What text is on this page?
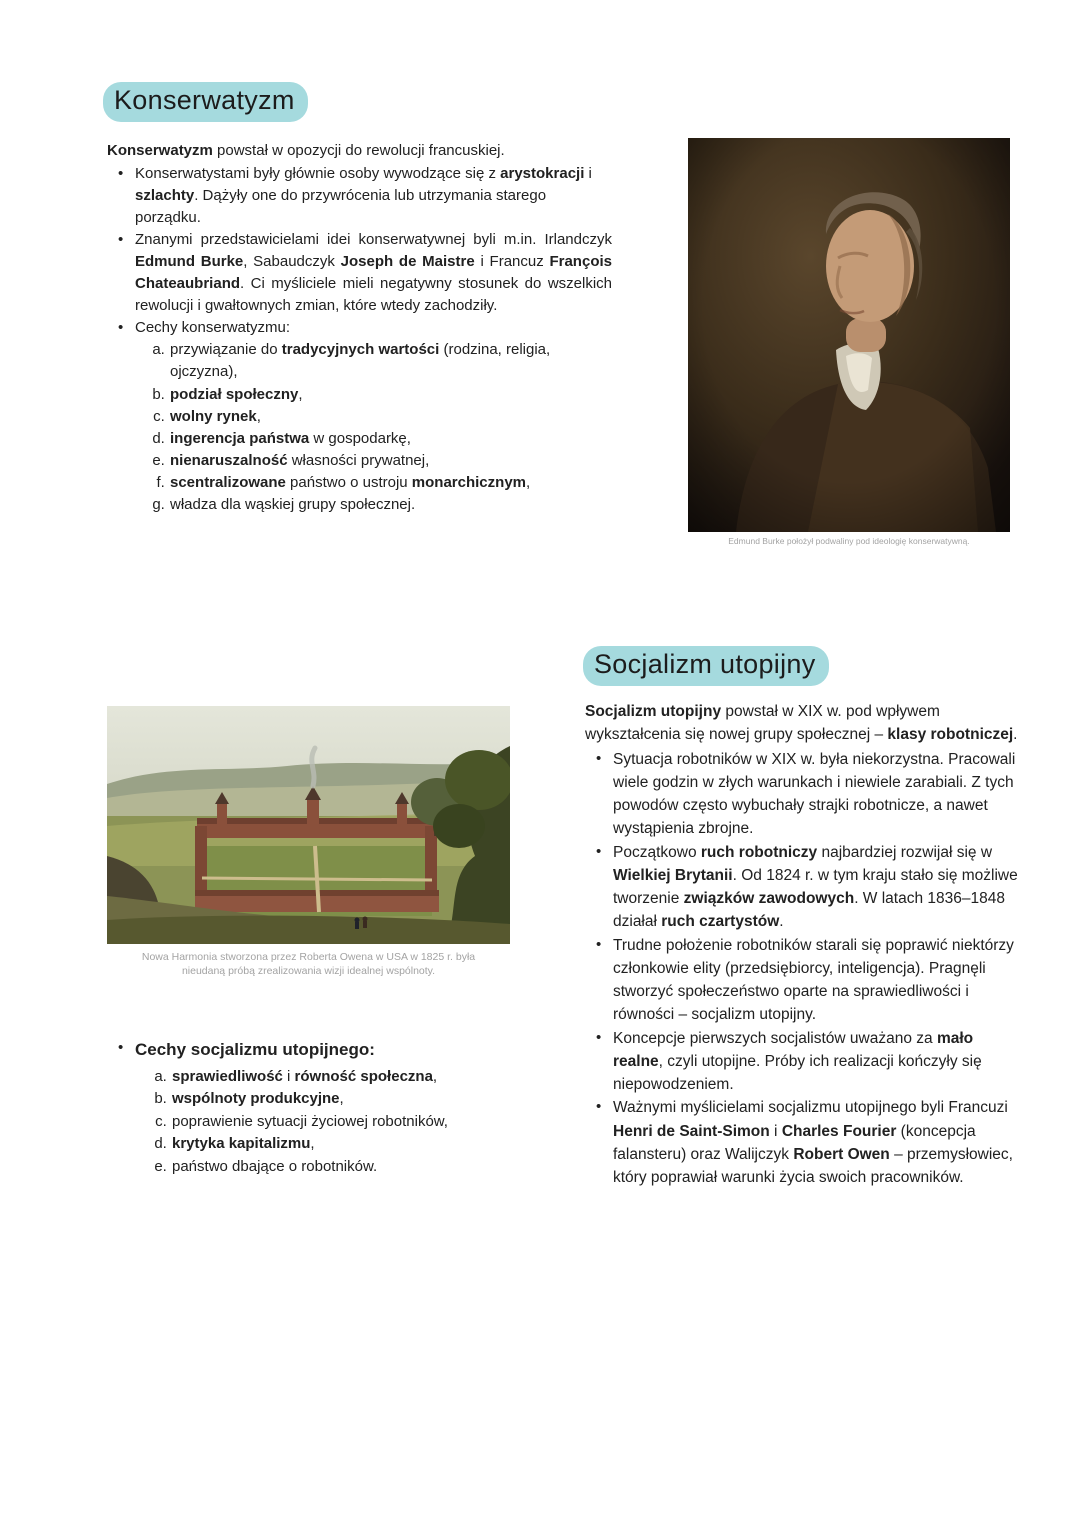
Konserwatyzm

Konserwatyzm powstał w opozycji do rewolucji francuskiej.

• Konserwatystami były głównie osoby wywodzące się z arystokracji i szlachty. Dążyły one do przywrócenia lub utrzymania starego porządku.
• Znanymi przedstawicielami idei konserwatywnej byli m.in. Irlandczyk Edmund Burke, Sabaudczyk Joseph de Maistre i Francuz François Chateaubriand. Ci myśliciele mieli negatywny stosunek do wszelkich rewolucji i gwałtownych zmian, które wtedy zachodziły.
• Cechy konserwatyzmu:
a. przywiązanie do tradycyjnych wartości (rodzina, religia, ojczyzna),
b. podział społeczny,
c. wolny rynek,
d. ingerencja państwa w gospodarkę,
e. nienaruszalność własności prywatnej,
f. scentralizowane państwo o ustroju monarchicznym,
g. władza dla wąskiej grupy społecznej.
Edmund Burke położył podwaliny pod ideologię konserwatywną.
Socjalizm utopijny

Socjalizm utopijny powstał w XIX w. pod wpływem wykształcenia się nowej grupy społecznej – klasy robotniczej.

• Sytuacja robotników w XIX w. była niekorzystna. Pracowali wiele godzin w złych warunkach i niewiele zarabiali. Z tych powodów często wybuchały strajki robotnicze, a nawet wystąpienia zbrojne.
• Początkowo ruch robotniczy najbardziej rozwijał się w Wielkiej Brytanii. Od 1824 r. w tym kraju stało się możliwe tworzenie związków zawodowych. W latach 1836–1848 działał ruch czartystów.
• Trudne położenie robotników starali się poprawić niektórzy członkowie elity (przedsiębiorcy, inteligencja). Pragnęli stworzyć społeczeństwo oparte na sprawiedliwości i równości – socjalizm utopijny.
• Koncepcje pierwszych socjalistów uważano za mało realne, czyli utopijne. Próby ich realizacji kończyły się niepowodzeniem.
• Ważnymi myślicielami socjalizmu utopijnego byli Francuzi Henri de Saint-Simon i Charles Fourier (koncepcja falansteru) oraz Walijczyk Robert Owen – przemysłowiec, który poprawiał warunki życia swoich pracowników.
Nowa Harmonia stworzona przez Roberta Owena w USA w 1825 r. była nieudaną próbą zrealizowania wizji idealnej wspólnoty.
• Cechy socjalizmu utopijnego:
a. sprawiedliwość i równość społeczna,
b. wspólnoty produkcyjne,
c. poprawienie sytuacji życiowej robotników,
d. krytyka kapitalizmu,
e. państwo dbające o robotników.
